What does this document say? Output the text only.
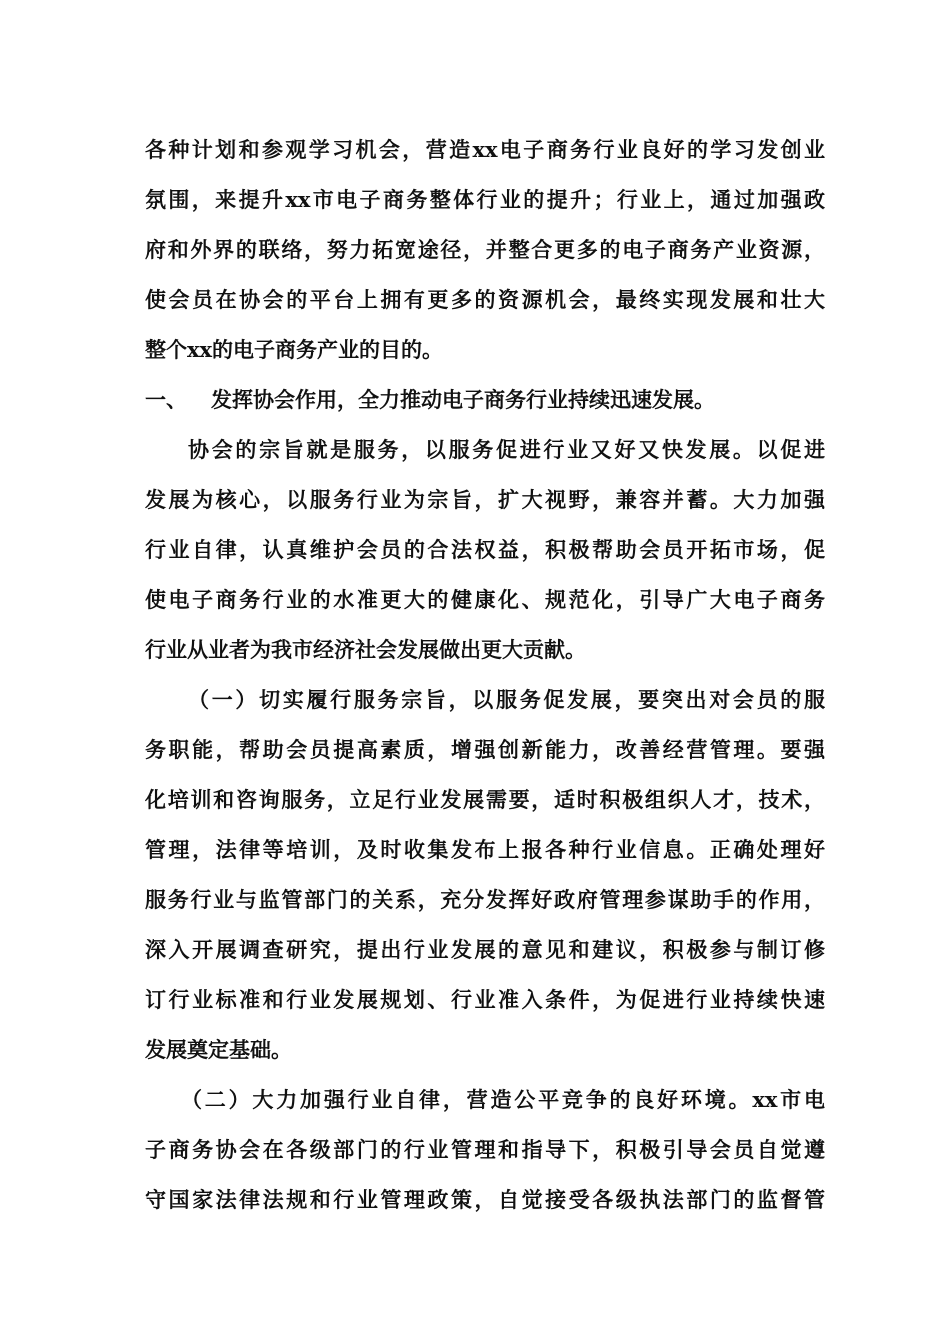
各种计划和参观学习机会，营造xx电子商务行业良好的学习发创业
氛围，来提升xx市电子商务整体行业的提升；行业上，通过加强政
府和外界的联络，努力拓宽途径，并整合更多的电子商务产业资源，
使会员在协会的平台上拥有更多的资源机会，最终实现发展和壮大
整个xx的电子商务产业的目的。
一、 发挥协会作用，全力推动电子商务行业持续迅速发展。
协会的宗旨就是服务，以服务促进行业又好又快发展。以促进
发展为核心，以服务行业为宗旨，扩大视野，兼容并蓄。大力加强
行业自律，认真维护会员的合法权益，积极帮助会员开拓市场，促
使电子商务行业的水准更大的健康化、规范化，引导广大电子商务
行业从业者为我市经济社会发展做出更大贡献。
（一）切实履行服务宗旨，以服务促发展，要突出对会员的服
务职能，帮助会员提高素质，增强创新能力，改善经营管理。要强
化培训和咨询服务，立足行业发展需要，适时积极组织人才，技术，
管理，法律等培训，及时收集发布上报各种行业信息。正确处理好
服务行业与监管部门的关系，充分发挥好政府管理参谋助手的作用，
深入开展调查研究，提出行业发展的意见和建议，积极参与制订修
订行业标准和行业发展规划、行业准入条件，为促进行业持续快速
发展奠定基础。
（二）大力加强行业自律，营造公平竞争的良好环境。xx市电
子商务协会在各级部门的行业管理和指导下，积极引导会员自觉遵
守国家法律法规和行业管理政策，自觉接受各级执法部门的监督管
